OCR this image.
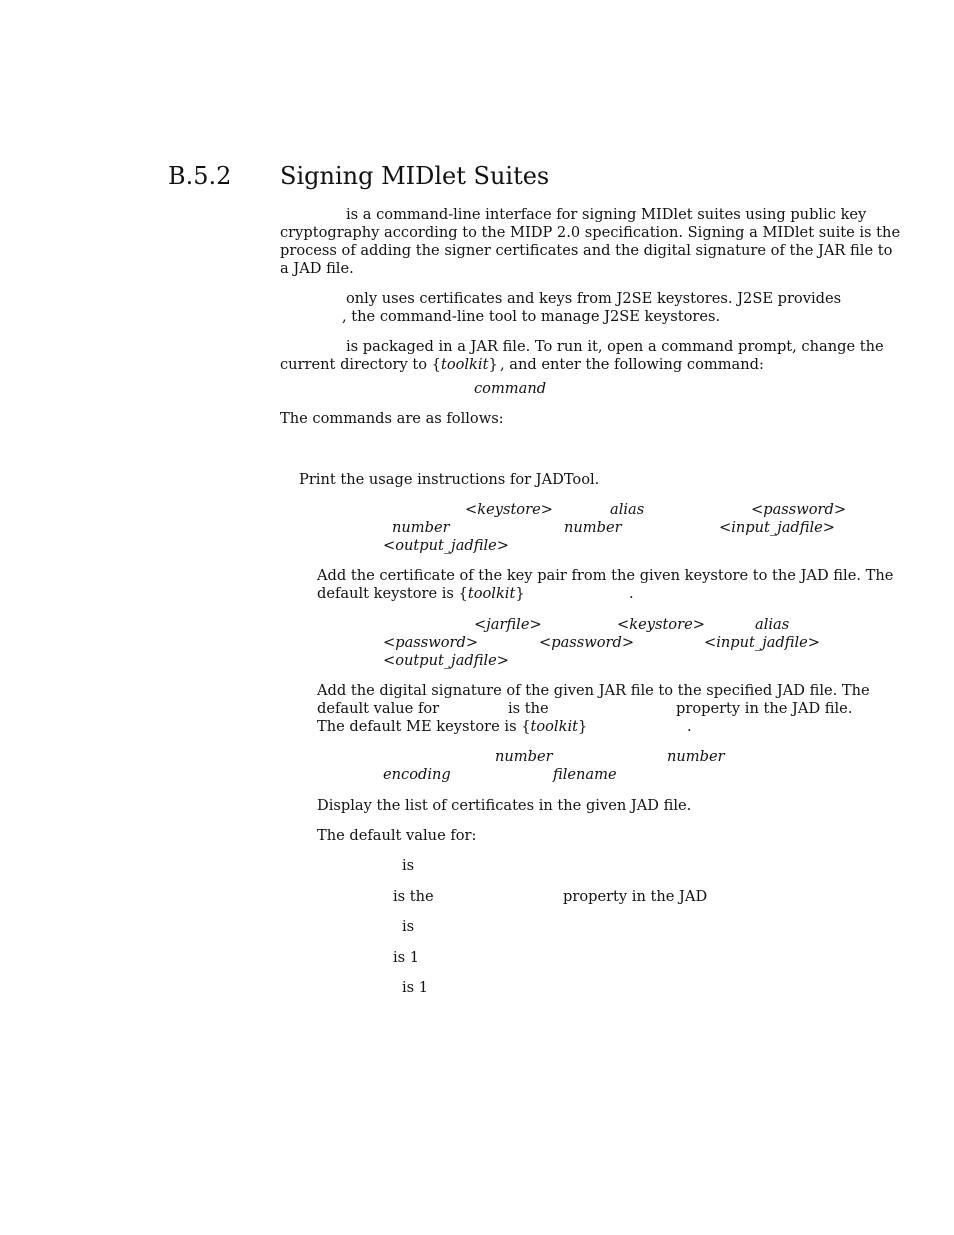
B.5.2 Signing MIDlet Suites
is a command-line interface for signing MIDlet suites using public key
cryptography according to the MIDP 2.0 specification. Signing a MIDlet suite is the
process of adding the signer certificates and the digital signature of the JAR file to
a JAD file.
only uses certificates and keys from J2SE keystores. J2SE provides
, the command-line tool to manage J2SE keystores.
is packaged in a JAR file. To run it, open a command prompt, change the
current directory to {toolkit} , and enter the following command:
command
The commands are as follows:
Print the usage instructions for JADTool.
<keystore>	alias	<password>
number	number	<input_jadfile>
<output_jadfile>
Add the certificate of the key pair from the given keystore to the JAD file. The
default keystore is {toolkit}	.
<jarfile>	<keystore>	alias
<password>	<password>	<input_jadfile>
<output_jadfile>
Add the digital signature of the given JAR file to the specified JAD file. The
default value for	is the	property in the JAD file.
The default ME keystore is {toolkit}	.
number	number
encoding	filename
Display the list of certificates in the given JAD file.
The default value for:
is
is the	property in the JAD
is
is 1
is 1
